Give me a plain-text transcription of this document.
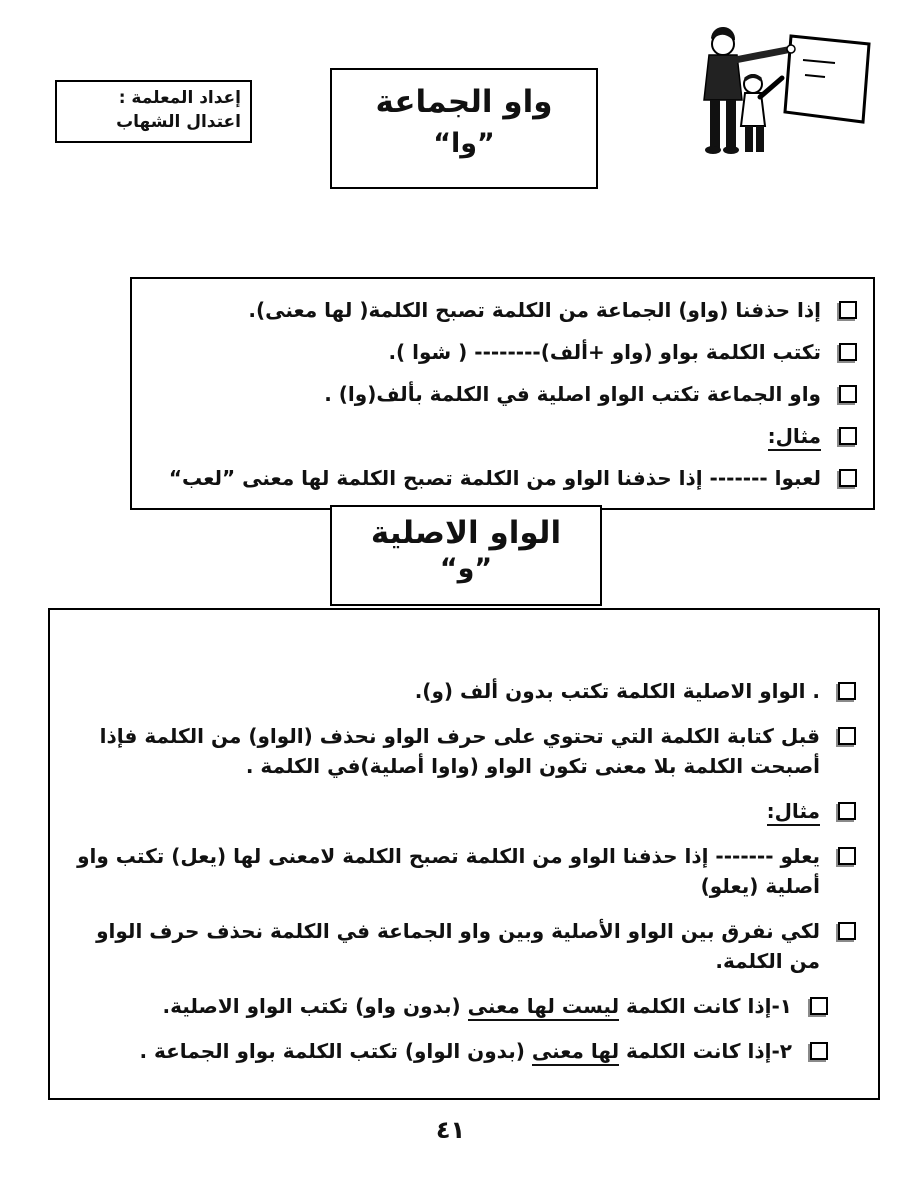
إعداد المعلمة :
اعتدال الشهاب
واو الجماعة
”وا“
إذا حذفنا (واو) الجماعة من الكلمة تصبح الكلمة( لها معنى).
تكتب الكلمة بواو (واو +ألف)-------- ( شوا ).
واو الجماعة تكتب الواو اصلية في الكلمة بألف(وا) .
مثال:
لعبوا ------- إذا حذفنا الواو من الكلمة تصبح الكلمة لها معنى ”لعب“
الواو الاصلية
”و“
. الواو الاصلية الكلمة تكتب بدون ألف (و).
قبل كتابة الكلمة التي تحتوي على حرف الواو نحذف (الواو) من الكلمة فإذا أصبحت الكلمة بلا معنى تكون الواو (واوا أصلية)في الكلمة .
مثال:
يعلو ------- إذا حذفنا الواو من الكلمة تصبح الكلمة لامعنى لها (يعل) تكتب واو أصلية (يعلو)
لكي نفرق بين الواو الأصلية وبين واو الجماعة في الكلمة نحذف حرف الواو من الكلمة.
١-إذا كانت الكلمة ليست لها معنى (بدون واو) تكتب الواو الاصلية.
٢-إذا كانت الكلمة لها معنى (بدون الواو) تكتب الكلمة بواو الجماعة .
٤١
